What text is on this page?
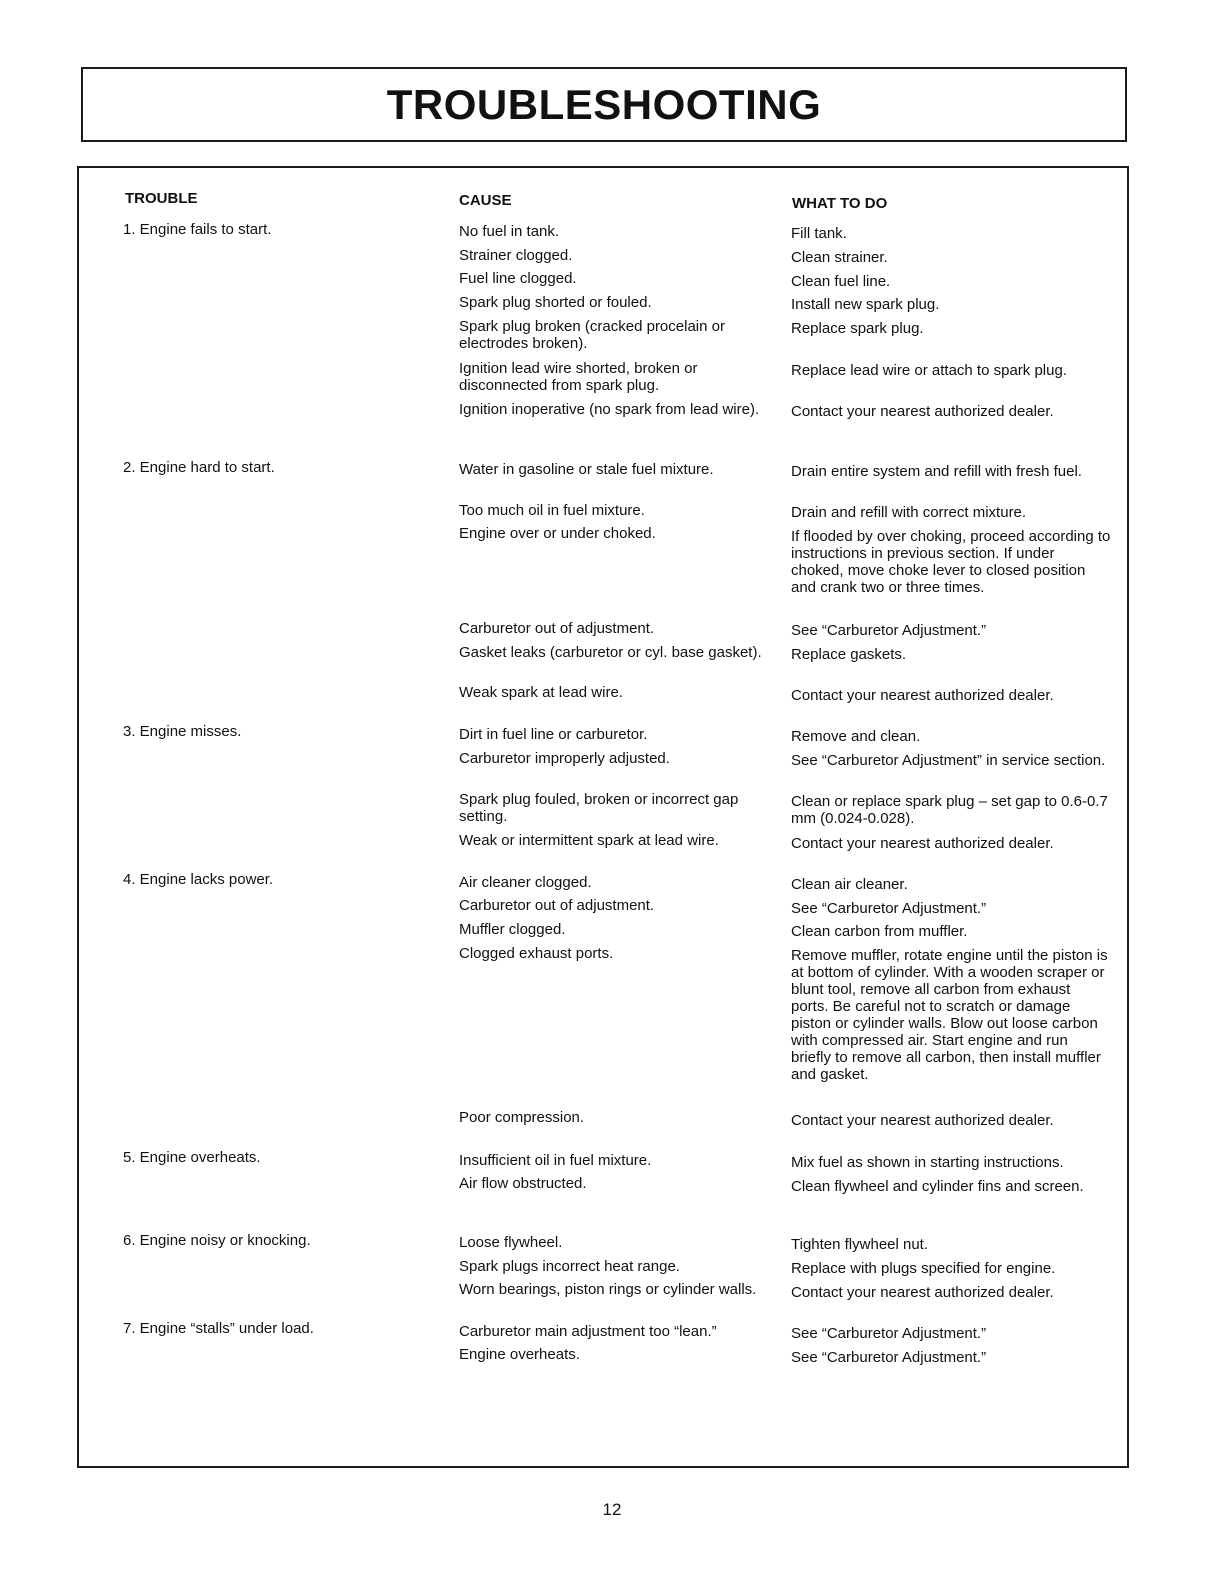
TROUBLESHOOTING
TROUBLE	CAUSE	WHAT TO DO
1. Engine fails to start.
2. Engine hard to start.
3. Engine misses.
4. Engine lacks power.
5. Engine overheats.
6. Engine noisy or knocking.
7. Engine “stalls” under load.
No fuel in tank.
Strainer clogged.
Fuel line clogged.
Spark plug shorted or fouled.
Spark plug broken (cracked procelain or electrodes broken).
Ignition lead wire shorted, broken or disconnected from spark plug.
Ignition inoperative (no spark from lead wire).
Water in gasoline or stale fuel mixture.
Too much oil in fuel mixture.
Engine over or under choked.
Carburetor out of adjustment.
Gasket leaks (carburetor or cyl. base gasket).
Weak spark at lead wire.
Dirt in fuel line or carburetor.
Carburetor improperly adjusted.
Spark plug fouled, broken or incorrect gap setting.
Weak or intermittent spark at lead wire.
Air cleaner clogged.
Carburetor out of adjustment.
Muffler clogged.
Clogged exhaust ports.
Poor compression.
Insufficient oil in fuel mixture.
Air flow obstructed.
Loose flywheel.
Spark plugs incorrect heat range.
Worn bearings, piston rings or cylinder walls.
Carburetor main adjustment too “lean.”
Engine overheats.
Fill tank.
Clean strainer.
Clean fuel line.
Install new spark plug.
Replace spark plug.
Replace lead wire or attach to spark plug.
Contact your nearest authorized dealer.
Drain entire system and refill with fresh fuel.
Drain and refill with correct mixture.
If flooded by over choking, proceed according to instructions in previous section. If under choked, move choke lever to closed position and crank two or three times.
See “Carburetor Adjustment.”
Replace gaskets.
Contact your nearest authorized dealer.
Remove and clean.
See “Carburetor Adjustment” in service section.
Clean or replace spark plug – set gap to 0.6-0.7 mm (0.024-0.028).
Contact your nearest authorized dealer.
Clean air cleaner.
See “Carburetor Adjustment.”
Clean carbon from muffler.
Remove muffler, rotate engine until the piston is at bottom of cylinder. With a wooden scraper or blunt tool, remove all carbon from exhaust ports. Be careful not to scratch or damage piston or cylinder walls. Blow out loose carbon with compressed air. Start engine and run briefly to remove all carbon, then install muffler and gasket.
Contact your nearest authorized dealer.
Mix fuel as shown in starting instructions.
Clean flywheel and cylinder fins and screen.
Tighten flywheel nut.
Replace with plugs specified for engine.
Contact your nearest authorized dealer.
See “Carburetor Adjustment.”
See “Carburetor Adjustment.”
12
